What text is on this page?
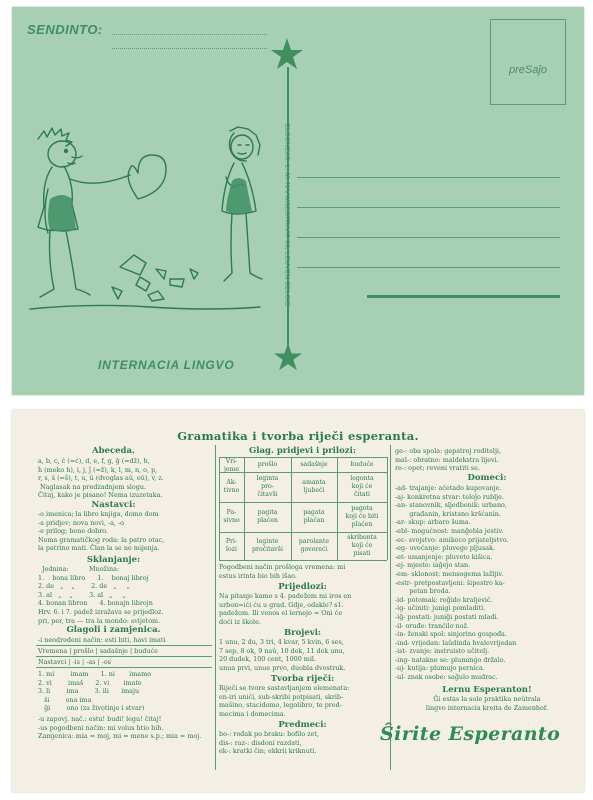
SENDINTO:
preSaĵo
ELDONEJO: L. M. NAAMSESTRAAT 66, LEUVEN BELGIE
INTERNACIA LINGVO
Gramatika i tvorba riječi esperanta.
Abeceda.
a, b, c, ĉ (=ć), d, e, f, g, ĝ (=dž), h,
ĥ (meko h), i, j, ĵ (=ž), k, l, m, n, o, p,
r, s, ŝ (=š), t, u, ŭ (dvoglas aŭ, eŭ), v, z.
Naglasak na predzadnjem slogu.
Čitaj, kako je pisano! Nema izuzetaka.
Nastavci:
-o imenica; la libro knjiga, domo dom
-a pridjev; nova novi, -a, -o
-e prilog; bone dobro.
Nema gramatičkog roda: la patro otac,
la patrino mati. Član la se ne mijenja.
Sklanjanje:
Jednina:          Množina:
1.    bona libro      1.    bonaj libroj
2. de   „    „        2. de   „     „
3. al   „    „        3. al   „     „
4. bonan libron      4. bonajn librojn
Hrv. 6. i 7. padež izražava se prijedloz.
pri, per, tra — tra la mondo: svijetom.
Glagoli i zamjenica.
-i neodređeni način: esti biti, havi imati
Vremena | prošlo | sadašnje | buduće
Nastavci | -is | -as | -os
1. mi        imam      1. ni       imamo
2. vi        imaš      2. vi       imate
3. li        ima        3. ili      imaju
ŝi        ona ima
ĝi        ono (za životinje i stvar)
-u zapovj. nač.: estu! budi! legu! čitaj!
-us pogodbeni način: mi volus htio bih.
Zamjenica: mia = moj, mi = mene s.p.; mia = moj.
Glag. pridjevi i prilozi:
Vri-
jeme
prošlo	sadašnje	buduće
Ak-
tivno
leginta
pro-
čitavši
amanta
ljubeći
legonta
koji će
čitati
Pa-
sivno
pagita
plaćen
pagata
plaćan
pagota
koji će biti
plaćen
Pri-
lozi
leginte
pročitavši
parolante
govoreći
skribonta
koji će
pisati
Pogodbeni način prošloga vremena: mi
estus irinta bio bih išao.
Prijedlozi:
Na pitanje kamo s 4. padežom mi iros en
urbon=ići ću u grad. Gdje, odakle? s1.
padežom. Ili venos el lernejo = Oni će
doći iz škole.
Brojevi:
1 unu, 2 du, 3 tri, 4 kvar, 5 kvin, 6 ses,
7 sep, 8 ok, 9 naŭ, 10 dek, 11 dek unu,
20 dudek, 100 cent, 1000 mil.
unua prvi, unue prvo, duobla dvostruk.
Tvorba riječi:
Riječi se tvore sastavljanjem elemenata:
en-iri unići, sub-skribi potpisati, skrib-
maŝino, stacidomo, legolibro, te pred-
mecima i domecima.
Predmeci:
bo-: rođak po braku: bofilo zet,
dis-: raz-: disdoni razdati,
ek-: kratki čin; ekkrii kriknuti.
ge-: oba spola: gepatroj roditelji,
mal-: obratno: maldekstra lijevi.
re-: opet; reveni vratiti se.
Domeci:
-ad- trajanje: aĉetado kupovanje.
-aj- konkretna stvar: teloĵo rublje.
-an- stanovnik, sljedbenik: urbano,
građanin, kristano kršćanin.
-ar- skup: arbaro šuma.
-ebl- mogućnost: manĝebla jestiv.
-ec- svojstvo: amikeco prijateljstvo.
-eg- uvećanje: pluvego pljusak.
-et- umanjenje: pluveto kišica.
-ej- mjesto: iaĝejo stan.
-em- sklonost: mensogema lažljiv.
-estr- pretpostavljeni: ŝipestro ka-
petan broda.
-id- potomak: reĝido kraljević.
-ig- učiniti: junigi pomladiti.
-iĝ- postati: juniĝi postati mlađi.
-il- oruđe: tranĉilo nož.
-in- ženski spol: sinjorino gospođa.
-ind- vrijedan: laŭdinda hvalevrijedan
-ist- zvanje: instruisto učitelj.
-ing- natakne se: plumingo držalo.
-uj- kutija: plumujo pernica.
-ul- znak osobe: saĝulo mudrac.
Lernu Esperanton!
Ĝi estas la sole praktika neŭtrala
lingvo internacia kreita de Zamenhof.
Ŝirite Esperanto
